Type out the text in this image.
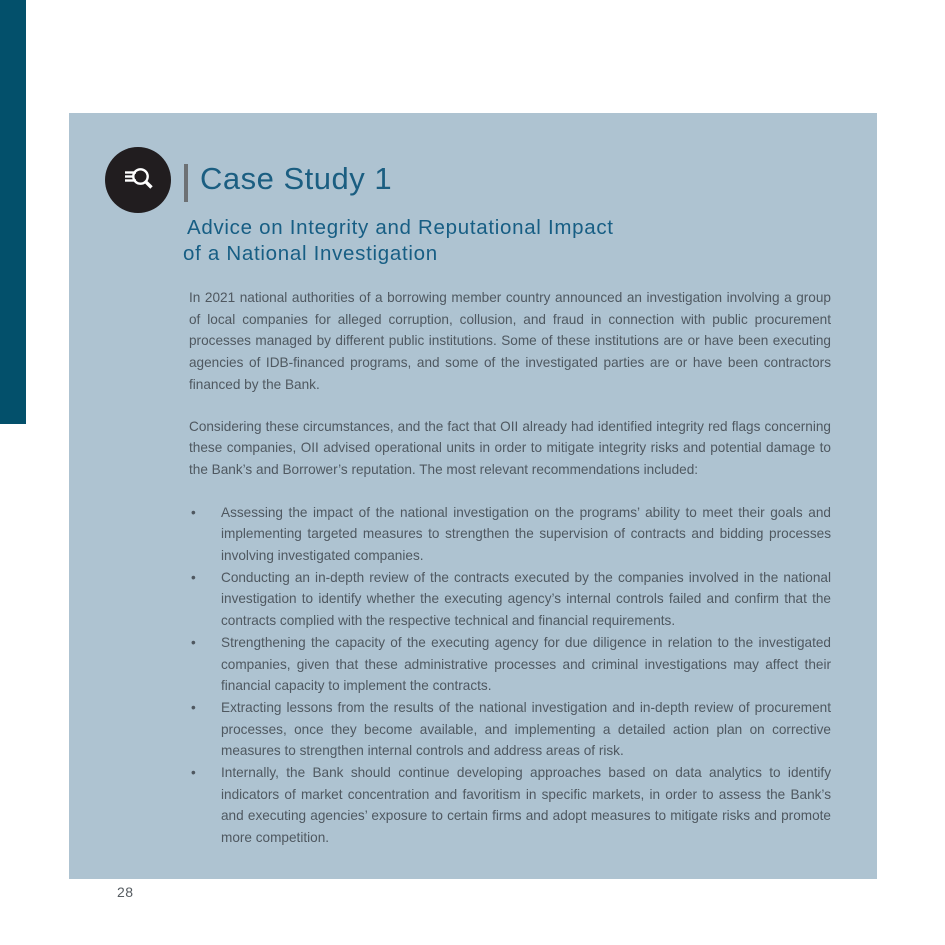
Case Study 1
Advice on Integrity and Reputational Impact
of a National Investigation

In 2021 national authorities of a borrowing member country announced an investigation involving a group of local companies for alleged corruption, collusion, and fraud in connection with public procurement processes managed by different public institutions. Some of these institutions are or have been executing agencies of IDB-financed programs, and some of the investigated parties are or have been contractors financed by the Bank.

Considering these circumstances, and the fact that OII already had identified integrity red flags concerning these companies, OII advised operational units in order to mitigate integrity risks and potential damage to the Bank’s and Borrower’s reputation. The most relevant recommendations included:

• Assessing the impact of the national investigation on the programs’ ability to meet their goals and implementing targeted measures to strengthen the supervision of contracts and bidding processes involving investigated companies.
• Conducting an in-depth review of the contracts executed by the companies involved in the national investigation to identify whether the executing agency’s internal controls failed and confirm that the contracts complied with the respective technical and financial requirements.
• Strengthening the capacity of the executing agency for due diligence in relation to the investigated companies, given that these administrative processes and criminal investigations may affect their financial capacity to implement the contracts.
• Extracting lessons from the results of the national investigation and in-depth review of procurement processes, once they become available, and implementing a detailed action plan on corrective measures to strengthen internal controls and address areas of risk.
• Internally, the Bank should continue developing approaches based on data analytics to identify indicators of market concentration and favoritism in specific markets, in order to assess the Bank’s and executing agencies’ exposure to certain firms and adopt measures to mitigate risks and promote more competition.
28
